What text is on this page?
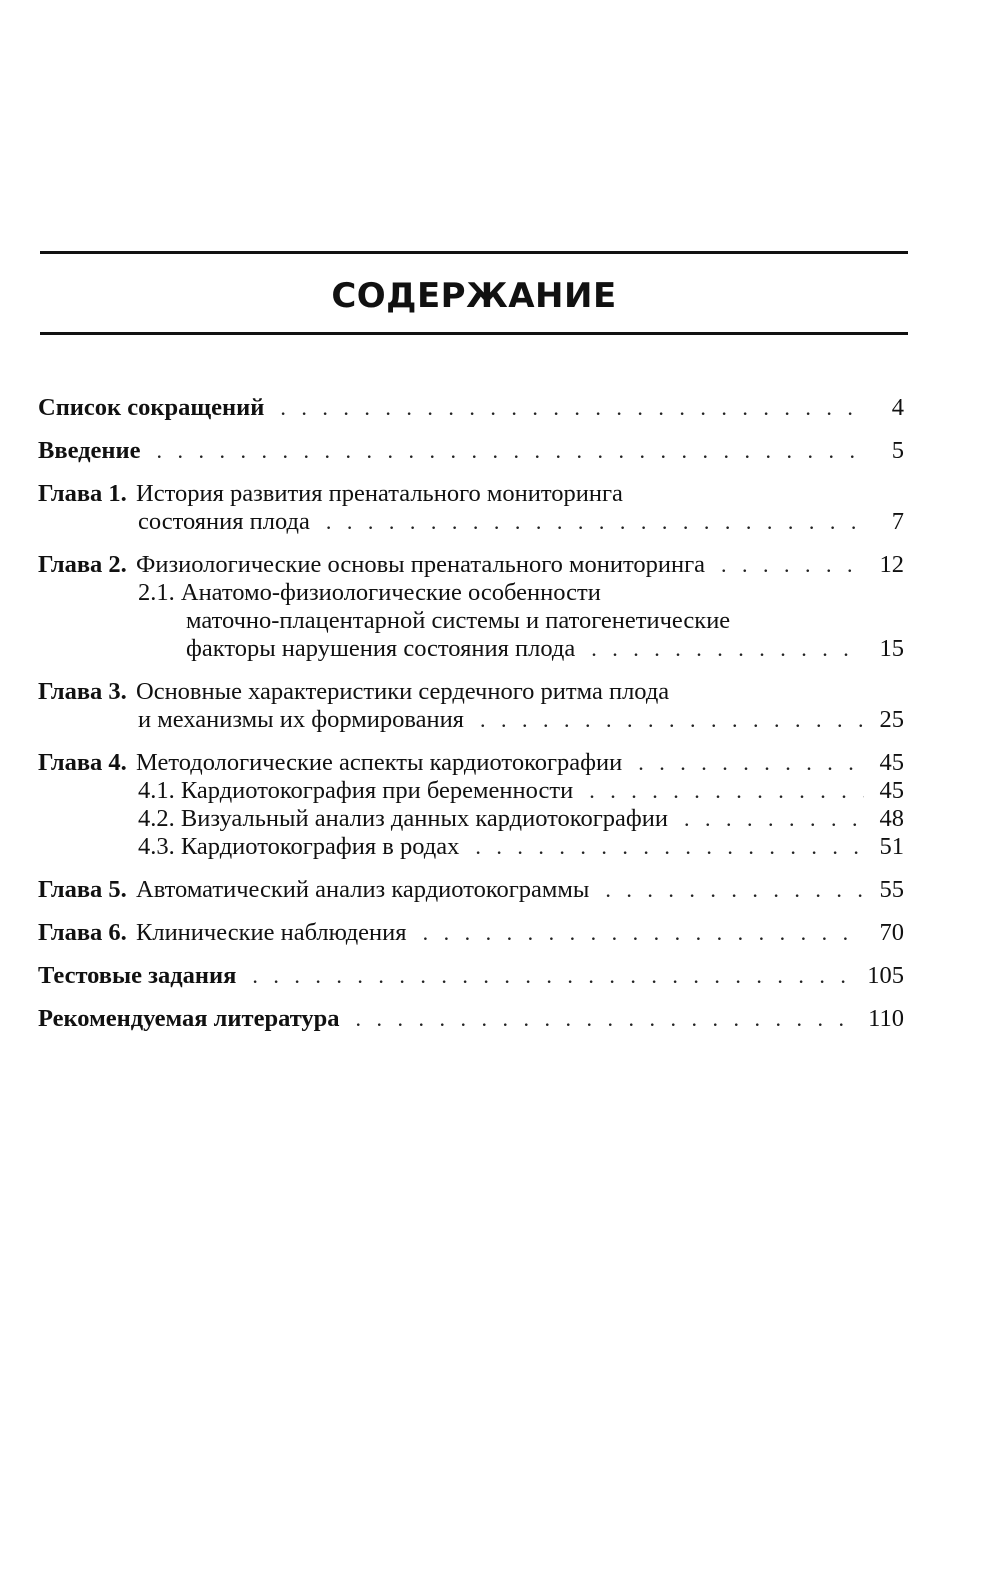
СОДЕРЖАНИЕ
Список сокращений . . .	4
Введение . . .	5
Глава 1. История развития пренатального мониторинга
состояния плода . . .	7
Глава 2. Физиологические основы пренатального мониторинга . . .	12
2.1. Анатомо-физиологические особенности
маточно-плацентарной системы и патогенетические
факторы нарушения состояния плода . . .	15
Глава 3. Основные характеристики сердечного ритма плода
и механизмы их формирования . . .	25
Глава 4. Методологические аспекты кардиотокографии . . .	45
4.1. Кардиотокография при беременности . . .	45
4.2. Визуальный анализ данных кардиотокографии . . .	48
4.3. Кардиотокография в родах . . .	51
Глава 5. Автоматический анализ кардиотокограммы . . .	55
Глава 6. Клинические наблюдения . . .	70
Тестовые задания . . .	105
Рекомендуемая литература . . .	110
